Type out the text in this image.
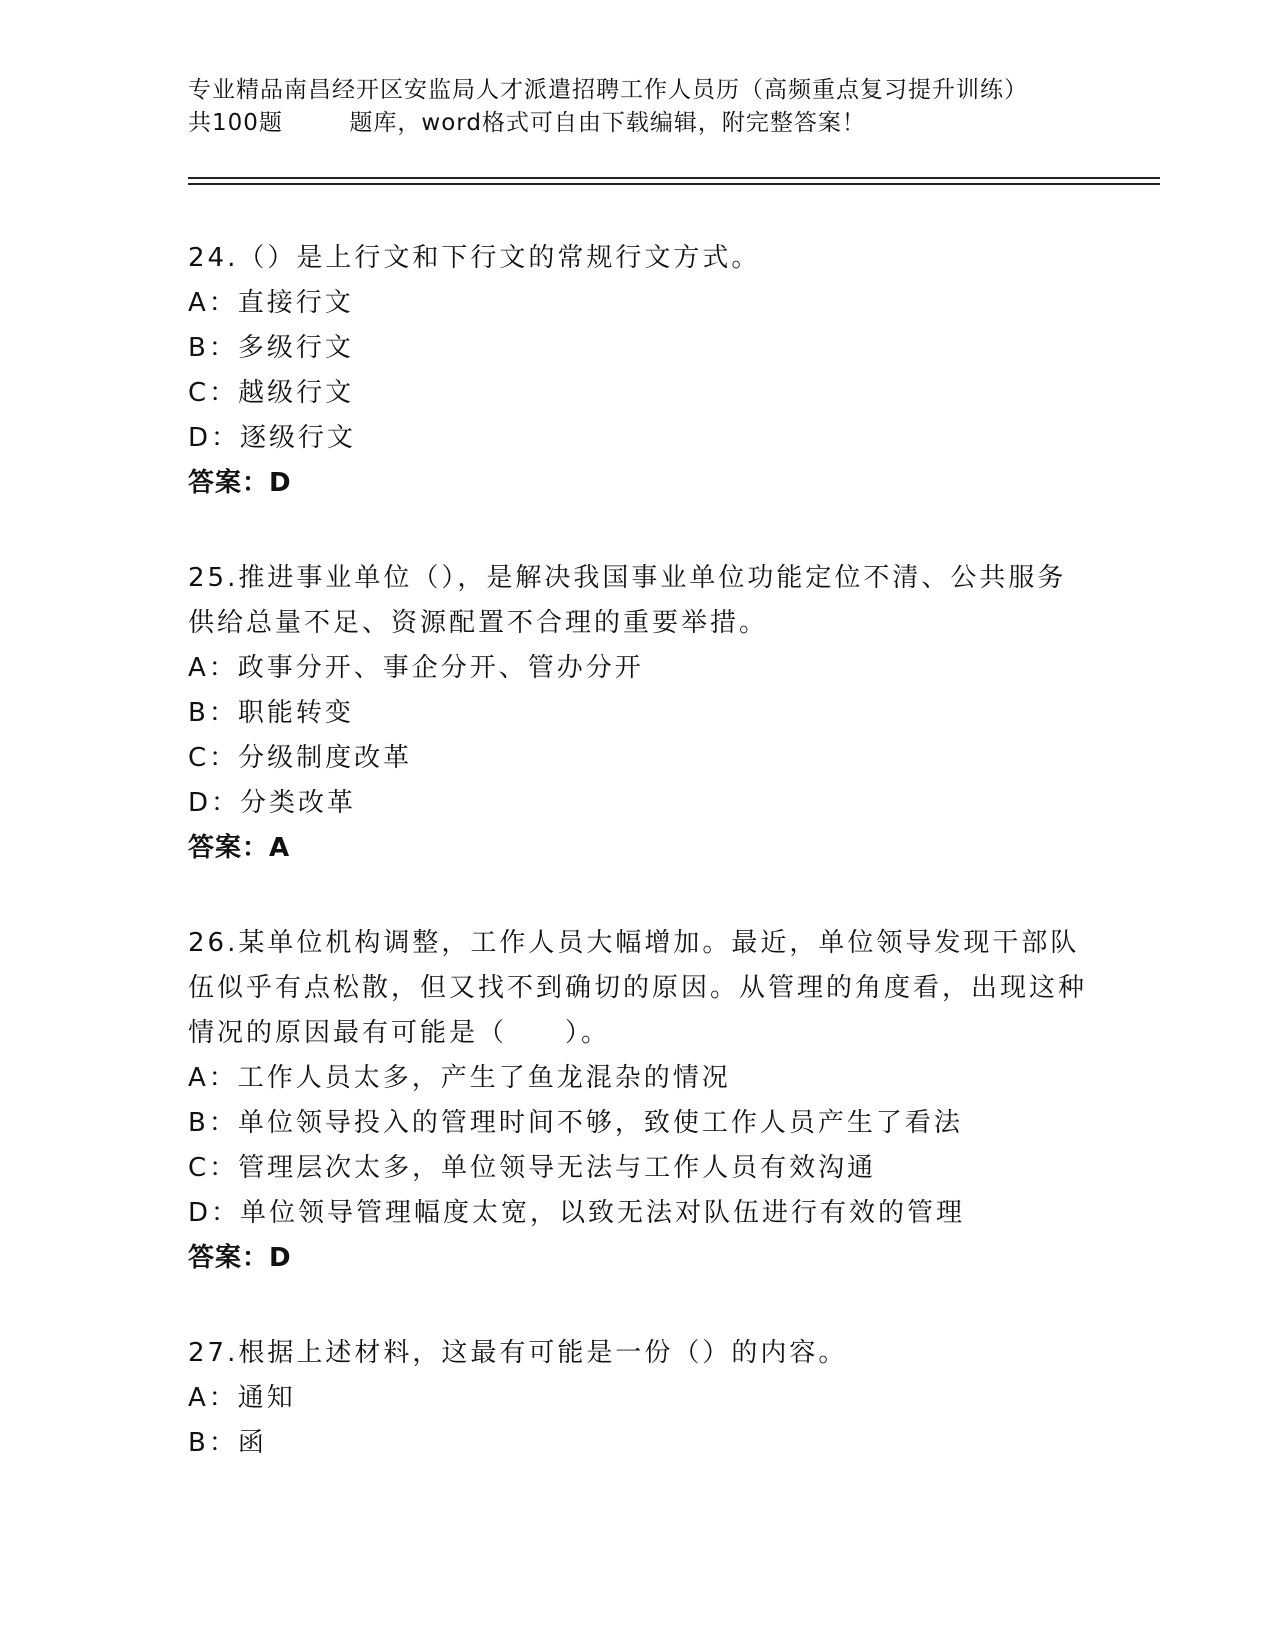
专业精品南昌经开区安监局人才派遣招聘工作人员历（高频重点复习提升训练）
共100题        题库，word格式可自由下载编辑，附完整答案！
24.（）是上行文和下行文的常规行文方式。
A：直接行文
B：多级行文
C：越级行文
D：逐级行文
答案：D
25.推进事业单位（），是解决我国事业单位功能定位不清、公共服务供给总量不足、资源配置不合理的重要举措。
A：政事分开、事企分开、管办分开
B：职能转变
C：分级制度改革
D：分类改革
答案：A
26.某单位机构调整，工作人员大幅增加。最近，单位领导发现干部队伍似乎有点松散，但又找不到确切的原因。从管理的角度看，出现这种情况的原因最有可能是（　　）。
A：工作人员太多，产生了鱼龙混杂的情况
B：单位领导投入的管理时间不够，致使工作人员产生了看法
C：管理层次太多，单位领导无法与工作人员有效沟通
D：单位领导管理幅度太宽，以致无法对队伍进行有效的管理
答案：D
27.根据上述材料，这最有可能是一份（）的内容。
A：通知
B：函
